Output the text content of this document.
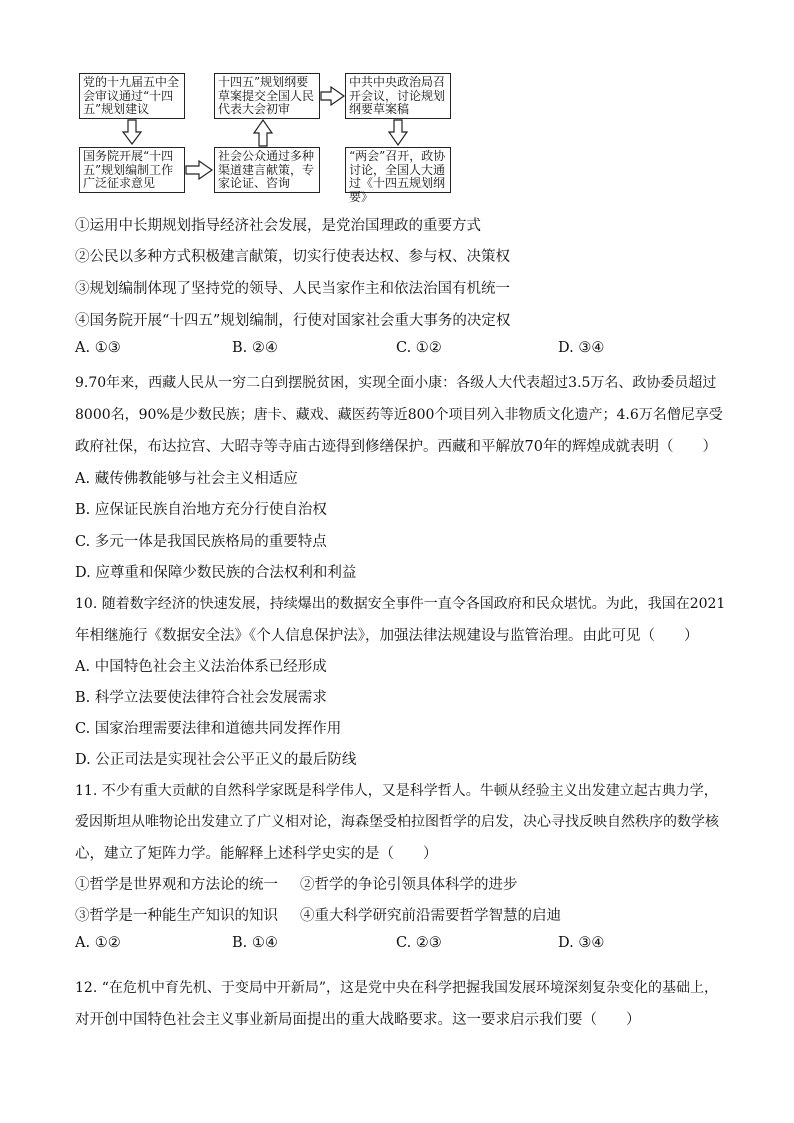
党的十九届五中全会审议通过“十四五”规划建议
十四五”规划纲要草案提交全国人民代表大会初审
中共中央政治局召开会议，讨论规划纲要草案稿
国务院开展“十四五”规划编制工作广泛征求意见
社会公众通过多种渠道建言献策，专家论证、咨询
“两会”召开，政协讨论，全国人大通过《十四五规划纲要》
①运用中长期规划指导经济社会发展，是党治国理政的重要方式
②公民以多种方式积极建言献策，切实行使表达权、参与权、决策权
③规划编制体现了坚持党的领导、人民当家作主和依法治国有机统一
④国务院开展“十四五”规划编制，行使对国家社会重大事务的决定权
A. ①③	B. ②④	C. ①②	D. ③④
9.70年来，西藏人民从一穷二白到摆脱贫困，实现全面小康：各级人大代表超过3.5万名、政协委员超过
8000名，90%是少数民族；唐卡、藏戏、藏医药等近800个项目列入非物质文化遗产；4.6万名僧尼享受
政府社保，布达拉宫、大昭寺等寺庙古迹得到修缮保护。西藏和平解放70年的辉煌成就表明（　　）
A. 藏传佛教能够与社会主义相适应
B. 应保证民族自治地方充分行使自治权
C. 多元一体是我国民族格局的重要特点
D. 应尊重和保障少数民族的合法权利和利益
10. 随着数字经济的快速发展，持续爆出的数据安全事件一直令各国政府和民众堪忧。为此，我国在2021
年相继施行《数据安全法》《个人信息保护法》，加强法律法规建设与监管治理。由此可见（　　）
A. 中国特色社会主义法治体系已经形成
B. 科学立法要使法律符合社会发展需求
C. 国家治理需要法律和道德共同发挥作用
D. 公正司法是实现社会公平正义的最后防线
11. 不少有重大贡献的自然科学家既是科学伟人，又是科学哲人。牛顿从经验主义出发建立起古典力学，
爱因斯坦从唯物论出发建立了广义相对论，海森堡受柏拉图哲学的启发，决心寻找反映自然秩序的数学核
心，建立了矩阵力学。能解释上述科学史实的是（　　）
①哲学是世界观和方法论的统一 ②哲学的争论引领具体科学的进步
③哲学是一种能生产知识的知识 ④重大科学研究前沿需要哲学智慧的启迪
A. ①②	B. ①④	C. ②③	D. ③④
12. “在危机中育先机、于变局中开新局”，这是党中央在科学把握我国发展环境深刻复杂变化的基础上，
对开创中国特色社会主义事业新局面提出的重大战略要求。这一要求启示我们要（　　）
